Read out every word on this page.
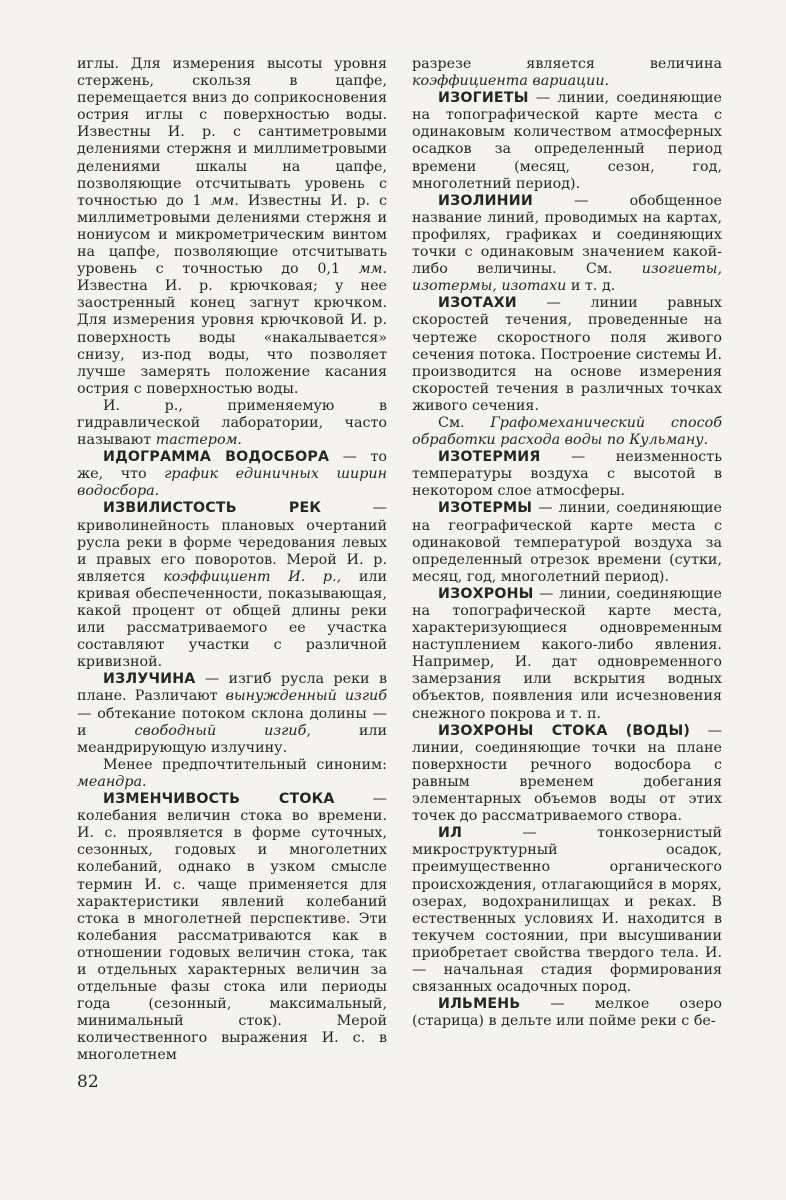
иглы. Для измерения высоты уровня стержень, скользя в цапфе, перемещается вниз до соприкосновения острия иглы с поверхностью воды. Известны И. р. с сантиметровыми делениями стержня и миллиметровыми делениями шкалы на цапфе, позволяющие отсчитывать уровень с точностью до 1 мм. Известны И. р. с миллиметровыми делениями стержня и нониусом и микрометрическим винтом на цапфе, позволяющие отсчитывать уровень с точностью до 0,1 мм. Известна И. р. крючковая; у нее заостренный конец загнут крючком. Для измерения уровня крючковой И. р. поверхность воды «накалывается» снизу, из-под воды, что позволяет лучше замерять положение касания острия с поверхностью воды.

И. р., применяемую в гидравлической лаборатории, часто называют тастером.

ИДОГРАММА ВОДОСБОРА — то же, что график единичных ширин водосбора.

ИЗВИЛИСТОСТЬ РЕК — криволинейность плановых очертаний русла реки в форме чередования левых и правых его поворотов. Мерой И. р. является коэффициент И. р., или кривая обеспеченности, показывающая, какой процент от общей длины реки или рассматриваемого ее участка составляют участки с различной кривизной.

ИЗЛУЧИНА — изгиб русла реки в плане. Различают вынужденный изгиб — обтекание потоком склона долины — и свободный изгиб, или меандрирующую излучину.

Менее предпочтительный синоним: меандра.

ИЗМЕНЧИВОСТЬ СТОКА — колебания величин стока во времени. И. с. проявляется в форме суточных, сезонных, годовых и многолетних колебаний, однако в узком смысле термин И. с. чаще применяется для характеристики явлений колебаний стока в многолетней перспективе. Эти колебания рассматриваются как в отношении годовых величин стока, так и отдельных характерных величин за отдельные фазы стока или периоды года (сезонный, максимальный, минимальный сток). Мерой количественного выражения И. с. в многолетнем

разрезе является величина коэффициента вариации.

ИЗОГИЕТЫ — линии, соединяющие на топографической карте места с одинаковым количеством атмосферных осадков за определенный период времени (месяц, сезон, год, многолетний период).

ИЗОЛИНИИ — обобщенное название линий, проводимых на картах, профилях, графиках и соединяющих точки с одинаковым значением какой-либо величины. См. изогиеты, изотермы, изотахи и т. д.

ИЗОТАХИ — линии равных скоростей течения, проведенные на чертеже скоростного поля живого сечения потока. Построение системы И. производится на основе измерения скоростей течения в различных точках живого сечения.

См. Графомеханический способ обработки расхода воды по Кульману.

ИЗОТЕРМИЯ — неизменность температуры воздуха с высотой в некотором слое атмосферы.

ИЗОТЕРМЫ — линии, соединяющие на географической карте места с одинаковой температурой воздуха за определенный отрезок времени (сутки, месяц, год, многолетний период).

ИЗОХРОНЫ — линии, соединяющие на топографической карте места, характеризующиеся одновременным наступлением какого-либо явления. Например, И. дат одновременного замерзания или вскрытия водных объектов, появления или исчезновения снежного покрова и т. п.

ИЗОХРОНЫ СТОКА (ВОДЫ) — линии, соединяющие точки на плане поверхности речного водосбора с равным временем добегания элементарных объемов воды от этих точек до рассматриваемого створа.

ИЛ — тонкозернистый микроструктурный осадок, преимущественно органического происхождения, отлагающийся в морях, озерах, водохранилищах и реках. В естественных условиях И. находится в текучем состоянии, при высушивании приобретает свойства твердого тела. И. — начальная стадия формирования связанных осадочных пород.

ИЛЬМЕНЬ — мелкое озеро (старица) в дельте или пойме реки с бе-

82
